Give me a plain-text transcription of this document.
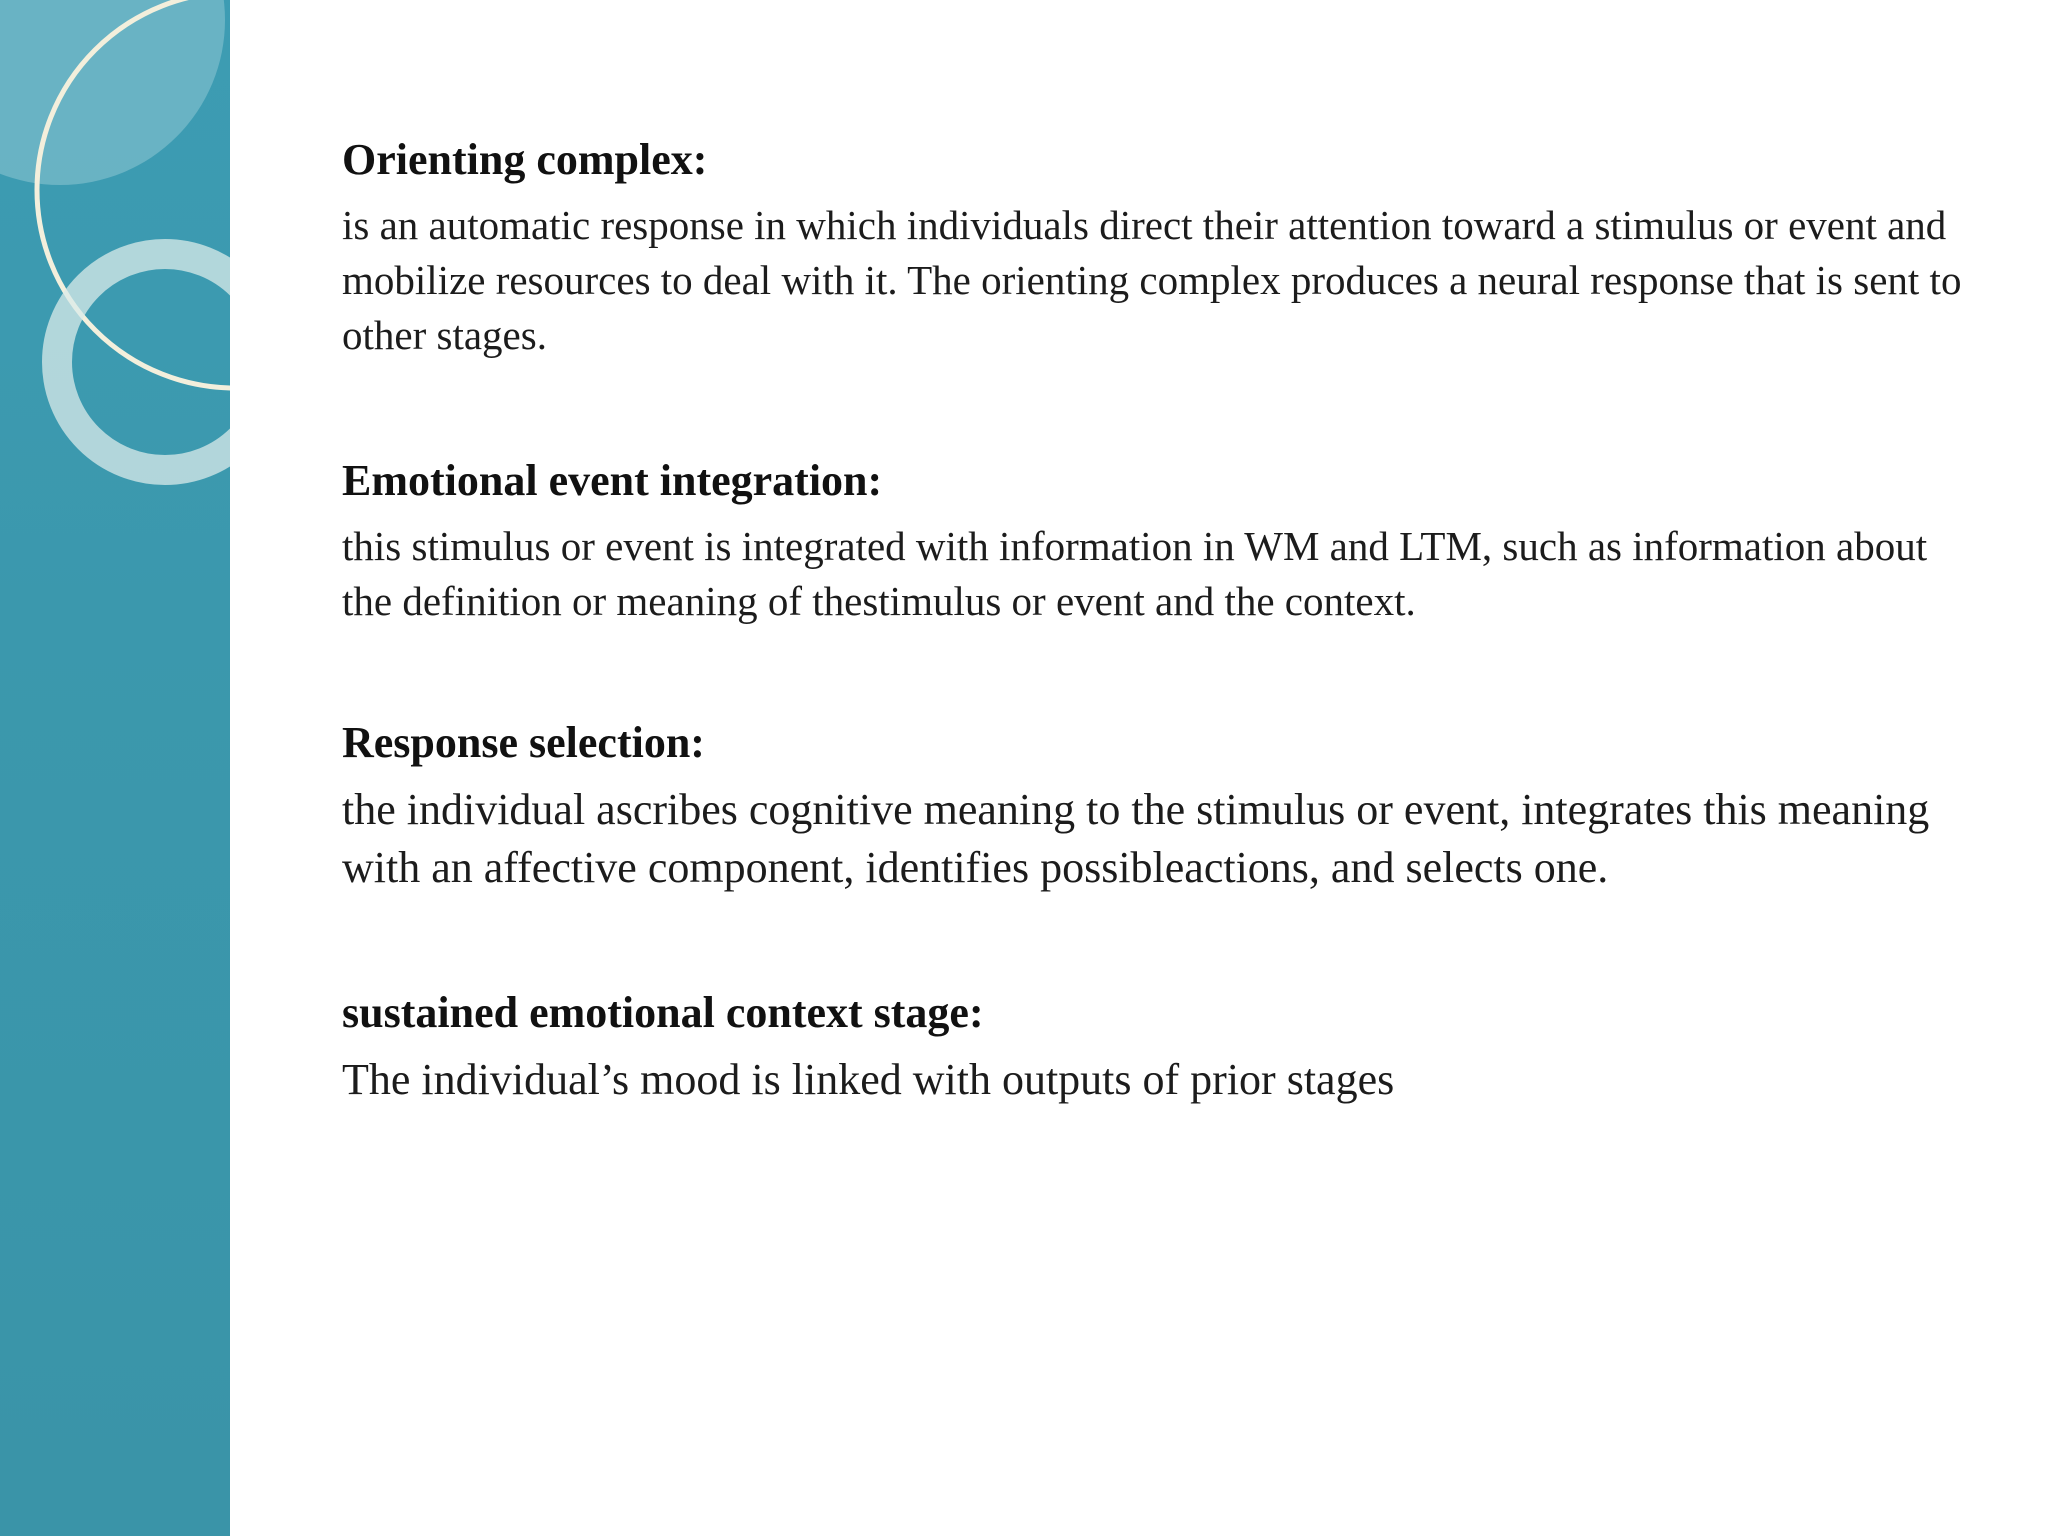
Orienting complex:

is an automatic response in which individuals direct their attention toward a stimulus or event and mobilize resources to deal with it. The orienting complex produces a neural response that is sent to other stages.

Emotional event integration:

this stimulus or event is integrated with information in WM and LTM, such as information about the definition or meaning of thestimulus or event and the context.

Response selection:

the individual ascribes cognitive meaning to the stimulus or event, integrates this meaning with an affective component, identifies possibleactions, and selects one.

sustained emotional context stage:

The individual’s mood is linked with outputs of prior stages
